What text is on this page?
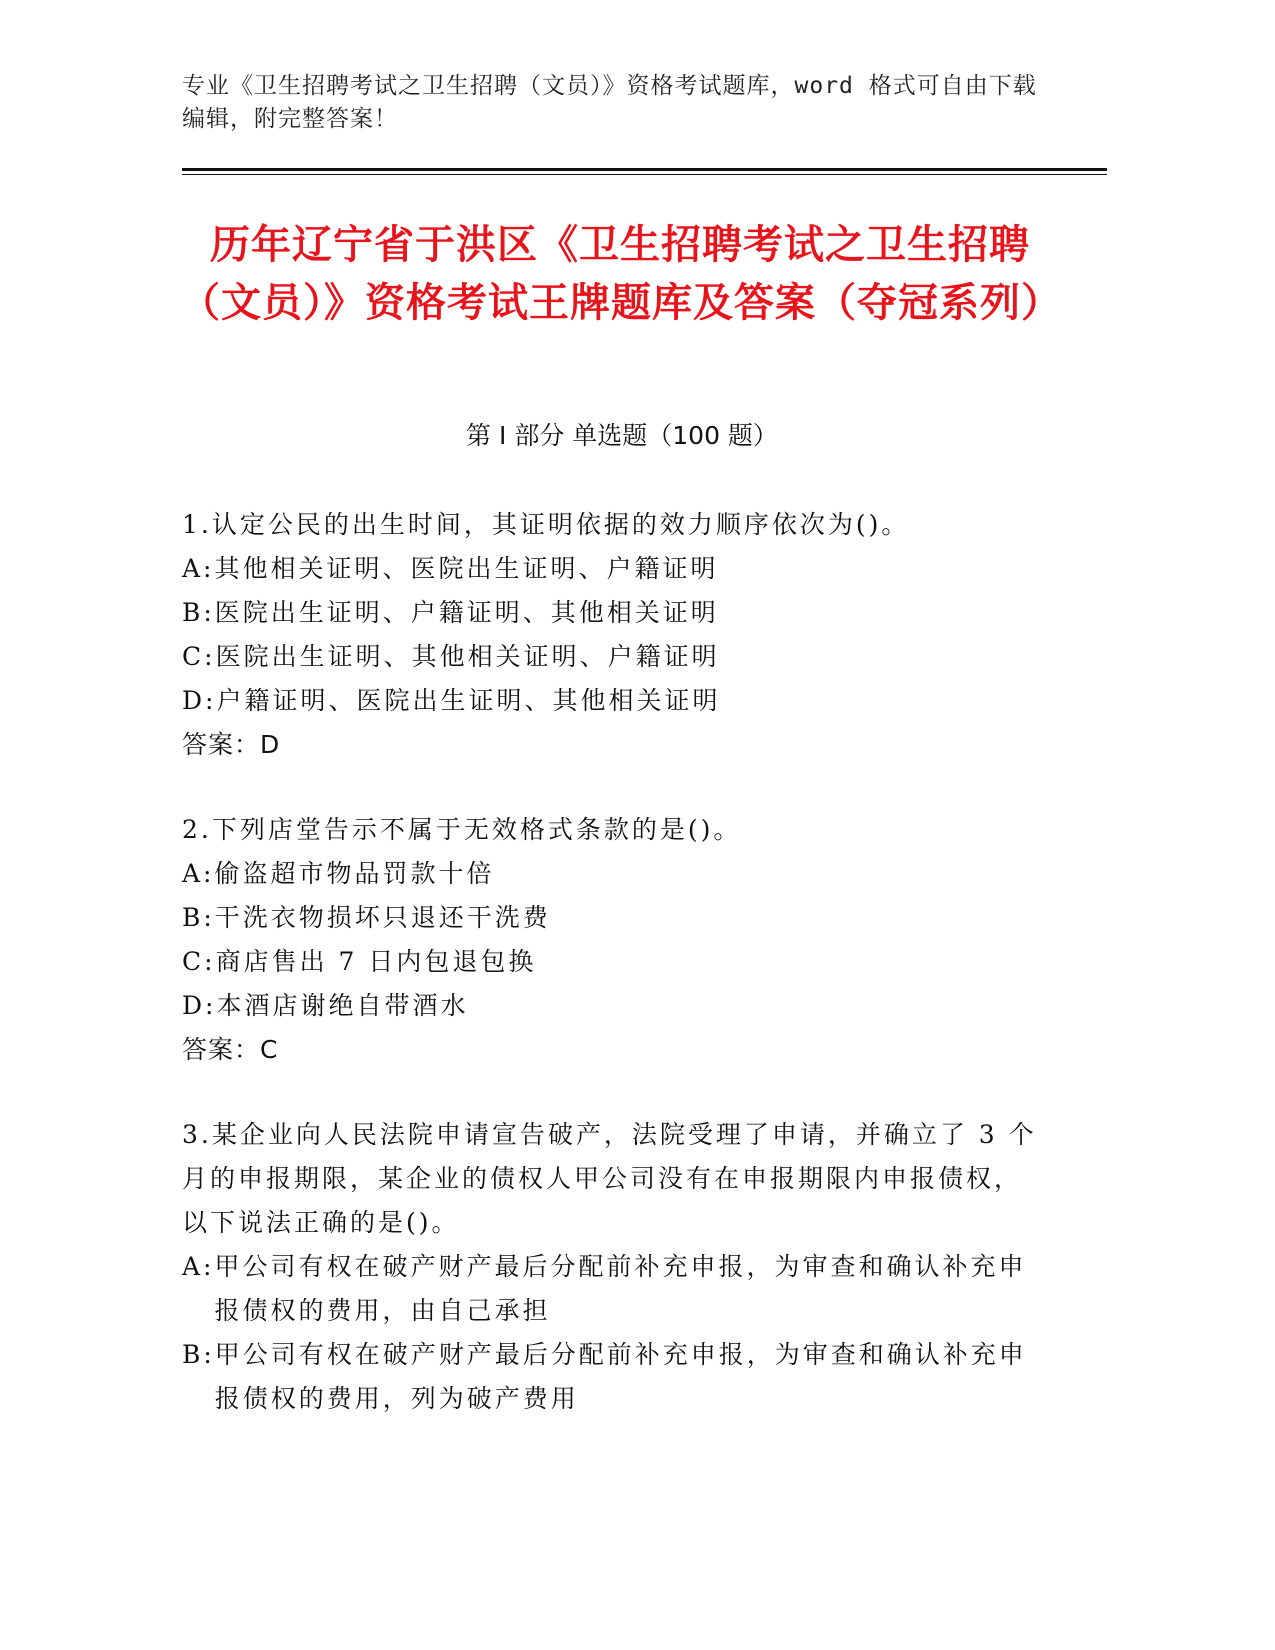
专业《卫生招聘考试之卫生招聘（文员）》资格考试题库，word 格式可自由下载编辑，附完整答案！
历年辽宁省于洪区《卫生招聘考试之卫生招聘（文员）》资格考试王牌题库及答案（夺冠系列）
第 I 部分 单选题（100 题）
1.认定公民的出生时间，其证明依据的效力顺序依次为()。
A: 其他相关证明、医院出生证明、户籍证明
B: 医院出生证明、户籍证明、其他相关证明
C: 医院出生证明、其他相关证明、户籍证明
D: 户籍证明、医院出生证明、其他相关证明
答案：D
2.下列店堂告示不属于无效格式条款的是()。
A: 偷盗超市物品罚款十倍
B: 干洗衣物损坏只退还干洗费
C: 商店售出 7 日内包退包换
D: 本酒店谢绝自带酒水
答案：C
3.某企业向人民法院申请宣告破产，法院受理了申请，并确立了 3 个月的申报期限，某企业的债权人甲公司没有在申报期限内申报债权，以下说法正确的是()。
A: 甲公司有权在破产财产最后分配前补充申报，为审查和确认补充申报债权的费用，由自己承担
B: 甲公司有权在破产财产最后分配前补充申报，为审查和确认补充申报债权的费用，列为破产费用
